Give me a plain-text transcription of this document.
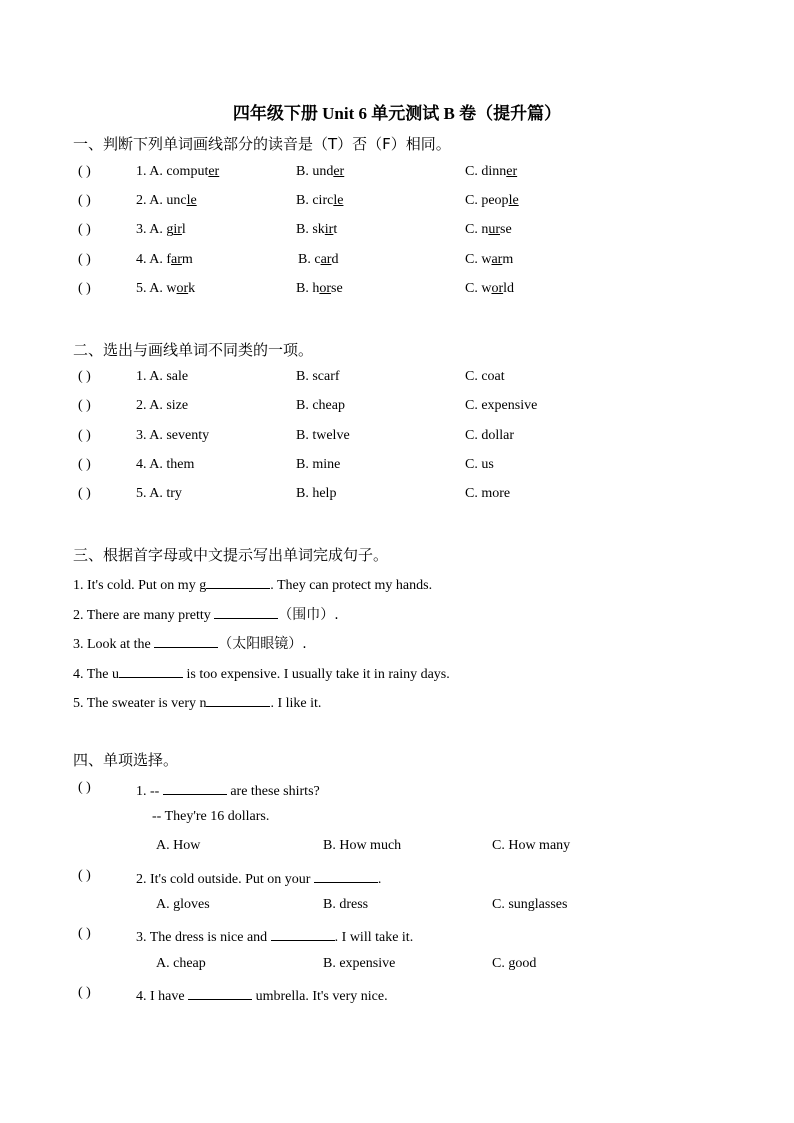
四年级下册 Unit 6 单元测试 B 卷（提升篇）
一、判断下列单词画线部分的读音是（T）否（F）相同。
( )	1. A. computer	B. under	C. dinner
( )	2. A. uncle	B. circle	C. people
( )	3. A. girl	B. skirt	C. nurse
( )	4. A. farm	B. card	C. warm
( )	5. A. work	B. horse	C. world
二、选出与画线单词不同类的一项。
( )	1. A. sale	B. scarf	C. coat
( )	2. A. size	B. cheap	C. expensive
( )	3. A. seventy	B. twelve	C. dollar
( )	4. A. them	B. mine	C. us
( )	5. A. try	B. help	C. more
三、根据首字母或中文提示写出单词完成句子。
1. It's cold. Put on my g	. They can protect my hands.
2. There are many pretty	（围巾）.
3. Look at the	（太阳眼镜）.
4. The u	is too expensive. I usually take it in rainy days.
5. The sweater is very n	. I like it.
四、单项选择。
( )	1. --	are these shirts?
-- They're 16 dollars.
A. How	B. How much	C. How many
( )	2. It's cold outside. Put on your	.
A. gloves	B. dress	C. sunglasses
( )	3. The dress is nice and	. I will take it.
A. cheap	B. expensive	C. good
( )	4. I have	umbrella. It's very nice.
